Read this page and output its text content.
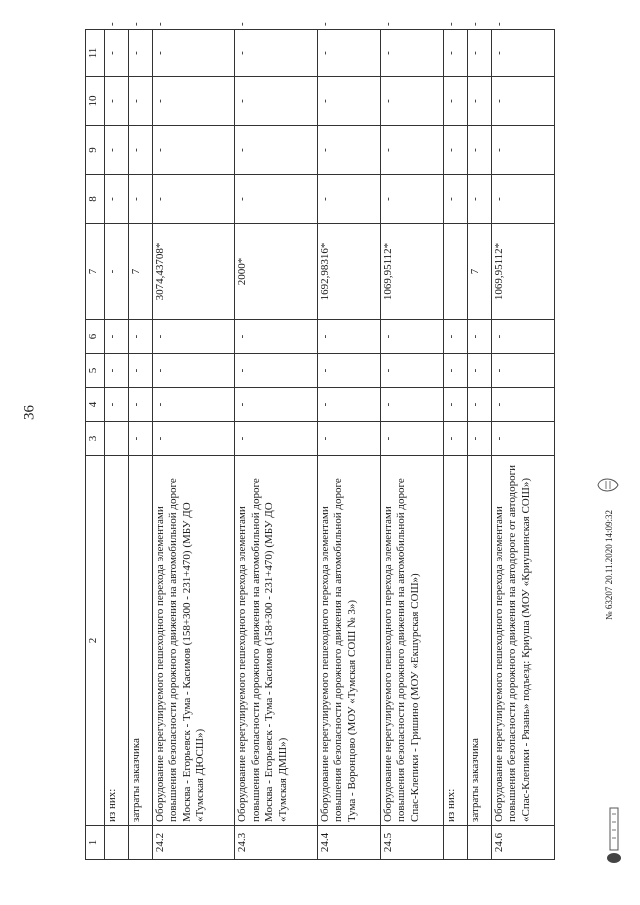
36
1	2	3	4	5	6	7	8	9	10	11	
	из них:		-	-	-	-	-	-	-	-	-
	затраты заказчика	-	-	-	-	7	-	-	-	-	-
24.2	Оборудование нерегулируемого пешеходного перехода элементами повышения безопасности дорожного движения на автомобильной дороге Москва - Егорьевск - Тума - Касимов (158+300 - 231+470) (МБУ ДО «Тумская ДЮСШ»)	-	-	-	-	3074,43708*	-	-	-	-	-
24.3	Оборудование нерегулируемого пешеходного перехода элементами повышения безопасности дорожного движения на автомобильной дороге Москва - Егорьевск - Тума - Касимов (158+300 - 231+470) (МБУ ДО «Тумская ДМШ»)	-	-	-	-	2000*	-	-	-	-	-
24.4	Оборудование нерегулируемого пешеходного перехода элементами повышения безопасности дорожного движения на автомобильной дороге Тума - Воронцово (МОУ «Тумская СОШ № 3»)	-	-	-	-	1692,98316*	-	-	-	-	-
24.5	Оборудование нерегулируемого пешеходного перехода элементами повышения безопасности дорожного движения на автомобильной дороге Спас-Клепики - Гришино (МОУ «Екшурская СОШ»)	-	-	-	-	1069,95112*	-	-	-	-	-
	из них:	-	-	-	-		-	-	-	-	-
	затраты заказчика	-	-	-	-	7	-	-	-	-	-
24.6	Оборудование нерегулируемого пешеходного перехода элементами повышения безопасности дорожного движения на автодороге от автодороги «Спас-Клепики - Рязань» подъезд: Криуша (МОУ «Криушинская СОШ»)	-	-	-	-	1069,95112*	-	-	-	-	-
№ 63207 20.11.2020 14:09:32
